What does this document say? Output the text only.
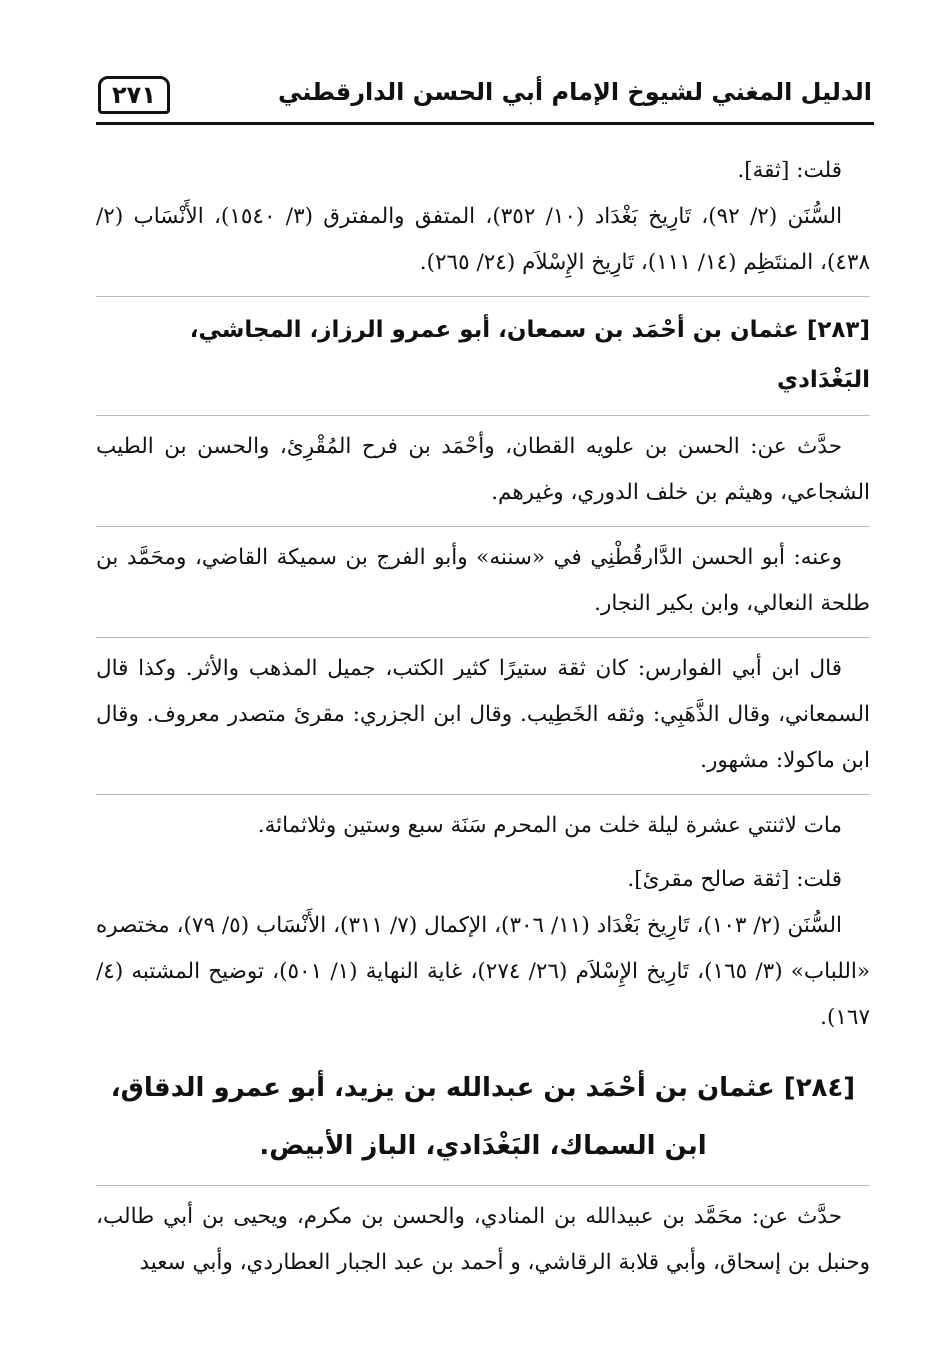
الدليل المغني لشيوخ الإمام أبي الحسن الدارقطني
٢٧١

قلت: [ثقة].

السُّنَن (٢/ ٩٢)، تَارِيخ بَغْدَاد (١٠/ ٣٥٢)، المتفق والمفترق (٣/ ١٥٤٠)، الأَنْسَاب (٢/ ٤٣٨)، المنتَظِم (١٤/ ١١١)، تَارِيخ الإِسْلاَم (٢٤/ ٢٦٥).

[٢٨٣] عثمان بن أحْمَد بن سمعان، أبو عمرو الرزاز، المجاشي، البَغْدَادي

حدَّث عن: الحسن بن علويه القطان، وأحْمَد بن فرح المُقْرِئ، والحسن بن الطيب الشجاعي، وهيثم بن خلف الدوري، وغيرهم.

وعنه: أبو الحسن الدَّارقُطْنِي في «سننه» وأبو الفرج بن سميكة القاضي، ومحَمَّد بن طلحة النعالي، وابن بكير النجار.

قال ابن أبي الفوارس: كان ثقة ستيرًا كثير الكتب، جميل المذهب والأثر. وكذا قال السمعاني، وقال الذَّهَبِي: وثقه الخَطِيب. وقال ابن الجزري: مقرئ متصدر معروف. وقال ابن ماكولا: مشهور.

مات لاثنتي عشرة ليلة خلت من المحرم سَنَة سبع وستين وثلاثمائة.

قلت: [ثقة صالح مقرئ].

السُّنَن (٢/ ١٠٣)، تَارِيخ بَغْدَاد (١١/ ٣٠٦)، الإكمال (٧/ ٣١١)، الأَنْسَاب (٥/ ٧٩)، مختصره «اللباب» (٣/ ١٦٥)، تَارِيخ الإِسْلاَم (٢٦/ ٢٧٤)، غاية النهاية (١/ ٥٠١)، توضيح المشتبه (٤/ ١٦٧).

[٢٨٤] عثمان بن أحْمَد بن عبدالله بن يزيد، أبو عمرو الدقاق،

ابن السماك، البَغْدَادي، الباز الأبيض.

حدَّث عن: محَمَّد بن عبيدالله بن المنادي، والحسن بن مكرم، ويحيى بن أبي طالب، وحنبل بن إسحاق، وأبي قلابة الرقاشي، و أحمد بن عبد الجبار العطاردي، وأبي سعيد
